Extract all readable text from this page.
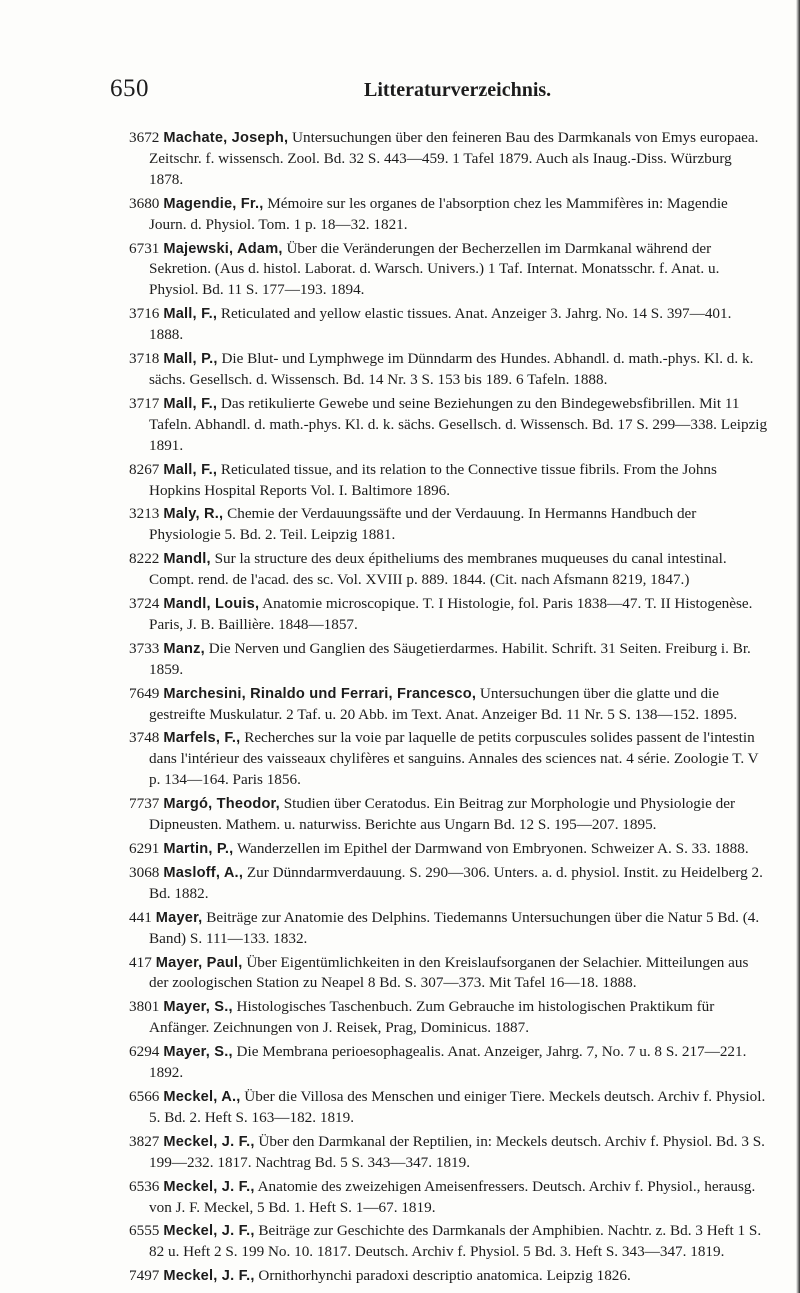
650	Litteraturverzeichnis.
3672 Machate, Joseph, Untersuchungen über den feineren Bau des Darmkanals von Emys europaea. Zeitschr. f. wissensch. Zool. Bd. 32 S. 443—459. 1 Tafel 1879. Auch als Inaug.-Diss. Würzburg 1878.
3680 Magendie, Fr., Mémoire sur les organes de l'absorption chez les Mammifères in: Magendie Journ. d. Physiol. Tom. 1 p. 18—32. 1821.
6731 Majewski, Adam, Über die Veränderungen der Becherzellen im Darmkanal während der Sekretion. (Aus d. histol. Laborat. d. Warsch. Univers.) 1 Taf. Internat. Monatsschr. f. Anat. u. Physiol. Bd. 11 S. 177—193. 1894.
3716 Mall, F., Reticulated and yellow elastic tissues. Anat. Anzeiger 3. Jahrg. No. 14 S. 397—401. 1888.
3718 Mall, P., Die Blut- und Lymphwege im Dünndarm des Hundes. Abhandl. d. math.-phys. Kl. d. k. sächs. Gesellsch. d. Wissensch. Bd. 14 Nr. 3 S. 153 bis 189. 6 Tafeln. 1888.
3717 Mall, F., Das retikulierte Gewebe und seine Beziehungen zu den Bindegewebsfibrillen. Mit 11 Tafeln. Abhandl. d. math.-phys. Kl. d. k. sächs. Gesellsch. d. Wissensch. Bd. 17 S. 299—338. Leipzig 1891.
8267 Mall, F., Reticulated tissue, and its relation to the Connective tissue fibrils. From the Johns Hopkins Hospital Reports Vol. I. Baltimore 1896.
3213 Maly, R., Chemie der Verdauungssäfte und der Verdauung. In Hermanns Handbuch der Physiologie 5. Bd. 2. Teil. Leipzig 1881.
8222 Mandl, Sur la structure des deux épitheliums des membranes muqueuses du canal intestinal. Compt. rend. de l'acad. des sc. Vol. XVIII p. 889. 1844. (Cit. nach Afsmann 8219, 1847.)
3724 Mandl, Louis, Anatomie microscopique. T. I Histologie, fol. Paris 1838—47. T. II Histogenèse. Paris, J. B. Baillière. 1848—1857.
3733 Manz, Die Nerven und Ganglien des Säugetierdarmes. Habilit. Schrift. 31 Seiten. Freiburg i. Br. 1859.
7649 Marchesini, Rinaldo und Ferrari, Francesco, Untersuchungen über die glatte und die gestreifte Muskulatur. 2 Taf. u. 20 Abb. im Text. Anat. Anzeiger Bd. 11 Nr. 5 S. 138—152. 1895.
3748 Marfels, F., Recherches sur la voie par laquelle de petits corpuscules solides passent de l'intestin dans l'intérieur des vaisseaux chylifères et sanguins. Annales des sciences nat. 4 série. Zoologie T. V p. 134—164. Paris 1856.
7737 Margó, Theodor, Studien über Ceratodus. Ein Beitrag zur Morphologie und Physiologie der Dipneusten. Mathem. u. naturwiss. Berichte aus Ungarn Bd. 12 S. 195—207. 1895.
6291 Martin, P., Wanderzellen im Epithel der Darmwand von Embryonen. Schweizer A. S. 33. 1888.
3068 Masloff, A., Zur Dünndarmverdauung. S. 290—306. Unters. a. d. physiol. Instit. zu Heidelberg 2. Bd. 1882.
441 Mayer, Beiträge zur Anatomie des Delphins. Tiedemanns Untersuchungen über die Natur 5 Bd. (4. Band) S. 111—133. 1832.
417 Mayer, Paul, Über Eigentümlichkeiten in den Kreislaufsorganen der Selachier. Mitteilungen aus der zoologischen Station zu Neapel 8 Bd. S. 307—373. Mit Tafel 16—18. 1888.
3801 Mayer, S., Histologisches Taschenbuch. Zum Gebrauche im histologischen Praktikum für Anfänger. Zeichnungen von J. Reisek, Prag, Dominicus. 1887.
6294 Mayer, S., Die Membrana perioesophagealis. Anat. Anzeiger, Jahrg. 7, No. 7 u. 8 S. 217—221. 1892.
6566 Meckel, A., Über die Villosa des Menschen und einiger Tiere. Meckels deutsch. Archiv f. Physiol. 5. Bd. 2. Heft S. 163—182. 1819.
3827 Meckel, J. F., Über den Darmkanal der Reptilien, in: Meckels deutsch. Archiv f. Physiol. Bd. 3 S. 199—232. 1817. Nachtrag Bd. 5 S. 343—347. 1819.
6536 Meckel, J. F., Anatomie des zweizehigen Ameisenfressers. Deutsch. Archiv f. Physiol., herausg. von J. F. Meckel, 5 Bd. 1. Heft S. 1—67. 1819.
6555 Meckel, J. F., Beiträge zur Geschichte des Darmkanals der Amphibien. Nachtr. z. Bd. 3 Heft 1 S. 82 u. Heft 2 S. 199 No. 10. 1817. Deutsch. Archiv f. Physiol. 5 Bd. 3. Heft S. 343—347. 1819.
7497 Meckel, J. F., Ornithorhynchi paradoxi descriptio anatomica. Leipzig 1826.
